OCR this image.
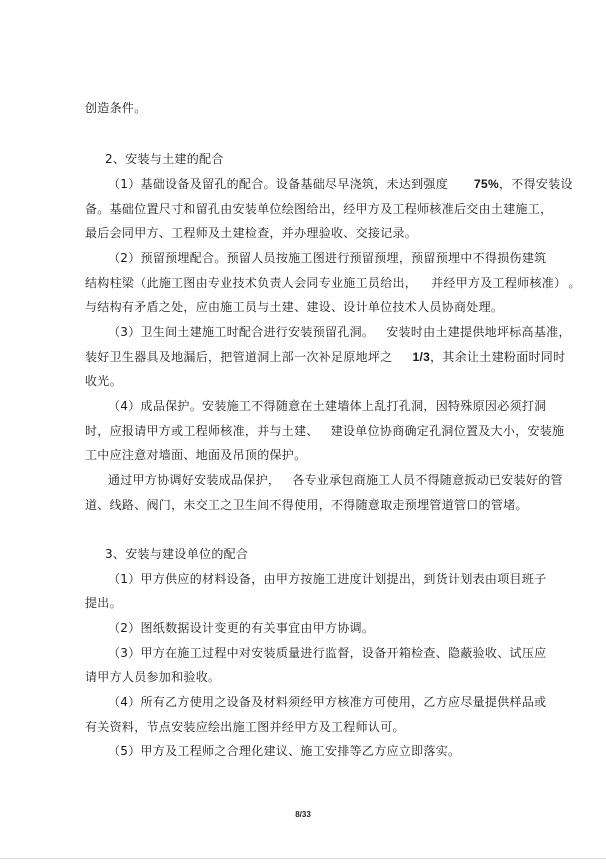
创造条件。
2、安装与土建的配合
（1）基础设备及留孔的配合。设备基础尽早浇筑，未达到强度 75%，不得安装设
备。基础位置尺寸和留孔由安装单位绘图给出，经甲方及工程师核准后交由土建施工，
最后会同甲方、工程师及土建检查，并办理验收、交接记录。
（2）预留预埋配合。预留人员按施工图进行预留预埋，预留预埋中不得损伤建筑
结构柱梁（此施工图由专业技术负责人会同专业施工员给出， 并经甲方及工程师核准） 。
与结构有矛盾之处，应由施工员与土建、建设、设计单位技术人员协商处理。
（3）卫生间土建施工时配合进行安装预留孔洞。 安装时由土建提供地坪标高基准，
装好卫生器具及地漏后，把管道洞上部一次补足原地坪之 1/3，其余让土建粉面时同时
收光。
（4）成品保护。安装施工不得随意在土建墙体上乱打孔洞，因特殊原因必须打洞
时，应报请甲方或工程师核准，并与土建、 建设单位协商确定孔洞位置及大小，安装施
工中应注意对墙面、地面及吊顶的保护。
通过甲方协调好安装成品保护， 各专业承包商施工人员不得随意扳动已安装好的管
道、线路、阀门，未交工之卫生间不得使用，不得随意取走预埋管道管口的管堵。
3、安装与建设单位的配合
（1）甲方供应的材料设备，由甲方按施工进度计划提出，到货计划表由项目班子
提出。
（2）图纸数据设计变更的有关事宜由甲方协调。
（3）甲方在施工过程中对安装质量进行监督，设备开箱检查、隐蔽验收、试压应
请甲方人员参加和验收。
（4）所有乙方使用之设备及材料须经甲方核准方可使用，乙方应尽量提供样品或
有关资料，节点安装应绘出施工图并经甲方及工程师认可。
（5）甲方及工程师之合理化建议、施工安排等乙方应立即落实。
8/33
